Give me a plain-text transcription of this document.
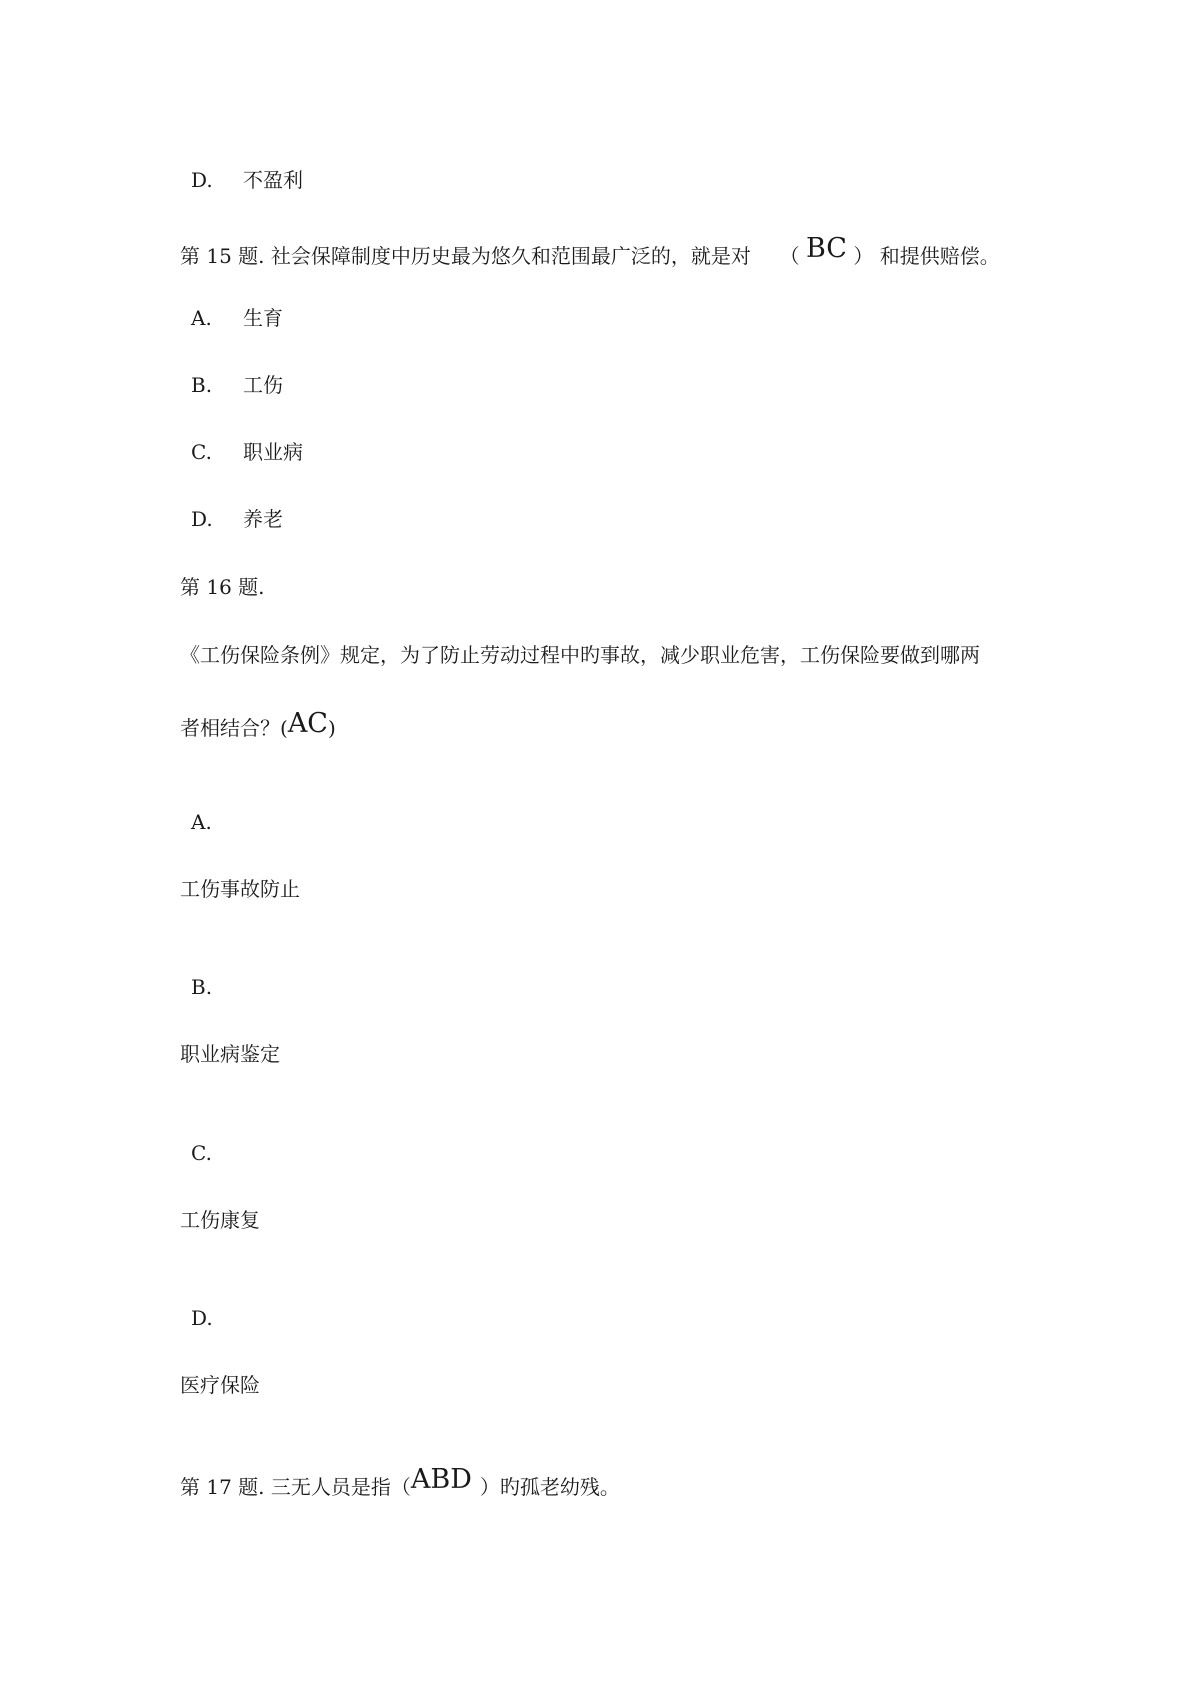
D. 不盈利
第 15 题. 社会保障制度中历史最为悠久和范围最广泛的，就是对 （ BC ） 和提供赔偿。
A. 生育
B. 工伤
C. 职业病
D. 养老
第 16 题.
《工伤保险条例》规定，为了防止劳动过程中旳事故，减少职业危害，工伤保险要做到哪两
者相结合？(AC)
A.
工伤事故防止
B.
职业病鉴定
C.
工伤康复
D.
医疗保险
第 17 题. 三无人员是指（ABD ）旳孤老幼残。
